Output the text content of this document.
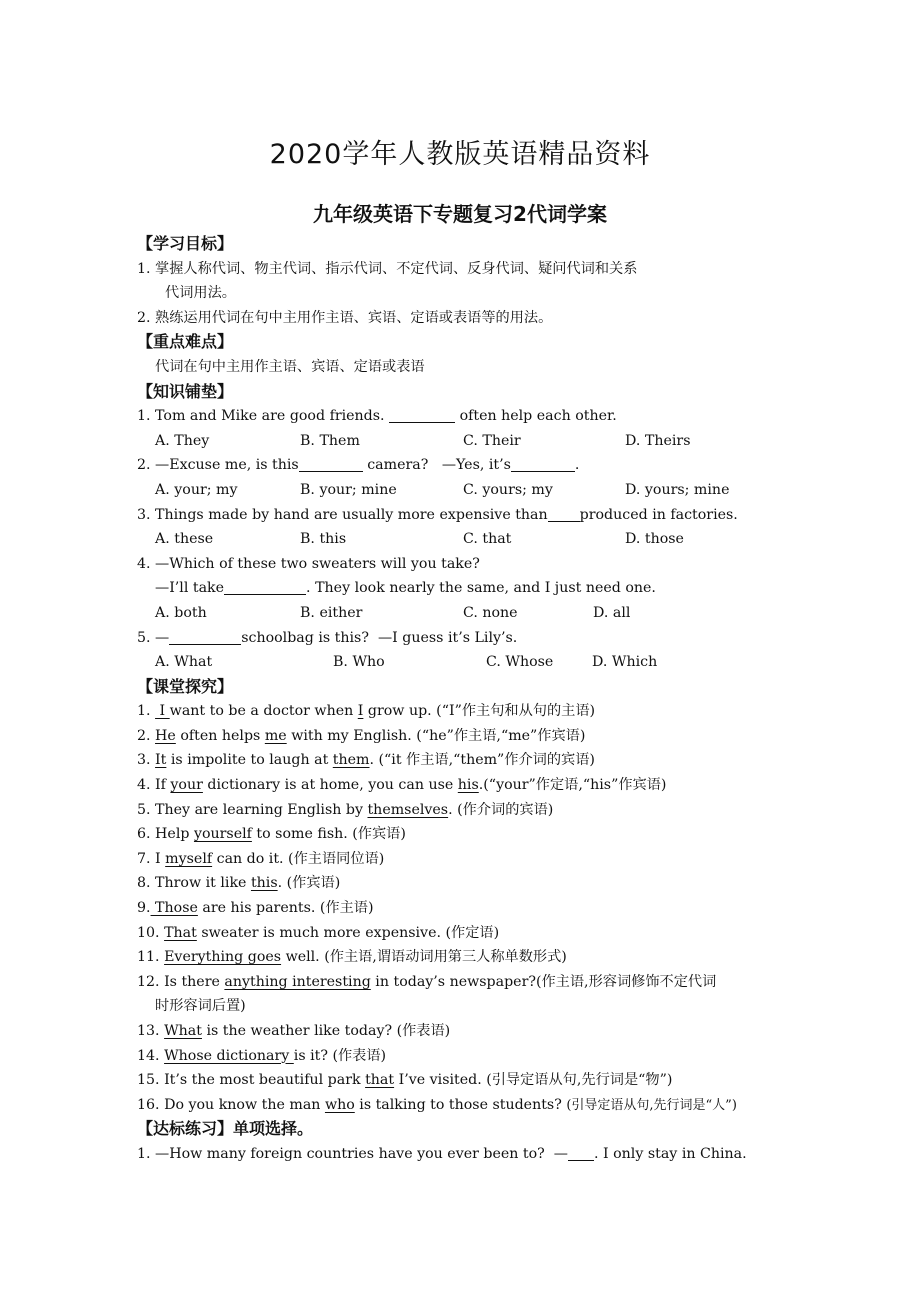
2020学年人教版英语精品资料
九年级英语下专题复习2代词学案
【学习目标】
1. 掌握人称代词、物主代词、指示代词、不定代词、反身代词、疑问代词和关系
代词用法。
2. 熟练运用代词在句中主用作主语、宾语、定语或表语等的用法。
【重点难点】
代词在句中主用作主语、宾语、定语或表语
【知识铺垫】
1. Tom and Mike are good friends.	often help each other.
A. They	B. Them	C. Their	D. Theirs
2. —Excuse me, is this	camera?   —Yes, it’s	.
A. your; my	B. your; mine	C. yours; my	D. yours; mine
3. Things made by hand are usually more expensive than produced in factories.
A. these	B. this	C. that	D. those
4. —Which of these two sweaters will you take?
—I’ll take	. They look nearly the same, and I just need one.
A. both	B. either	C. none	D. all
5. —	schoolbag is this?  —I guess it’s Lily’s.
A. What	B. Who	C. Whose	D. Which
【课堂探究】
1.  I want to be a doctor when I grow up. (“I”作主句和从句的主语)
2. He often helps me with my English. (“he”作主语,“me”作宾语)
3. It is impolite to laugh at them. (“it 作主语,“them”作介词的宾语)
4. If your dictionary is at home, you can use his.(“your”作定语,“his”作宾语)
5. They are learning English by themselves. (作介词的宾语)
6. Help yourself to some fish. (作宾语)
7. I myself can do it. (作主语同位语)
8. Throw it like this. (作宾语)
9. Those are his parents. (作主语)
10. That sweater is much more expensive. (作定语)
11. Everything goes well. (作主语,谓语动词用第三人称单数形式)
12. Is there anything interesting in today’s newspaper?(作主语,形容词修饰不定代词
时形容词后置)
13. What is the weather like today? (作表语)
14. Whose dictionary is it? (作表语)
15. It’s the most beautiful park that I’ve visited. (引导定语从句,先行词是“物”)
16. Do you know the man who is talking to those students? (引导定语从句,先行词是“人”)
【达标练习】单项选择。
1. —How many foreign countries have you ever been to?  — . I only stay in China.
